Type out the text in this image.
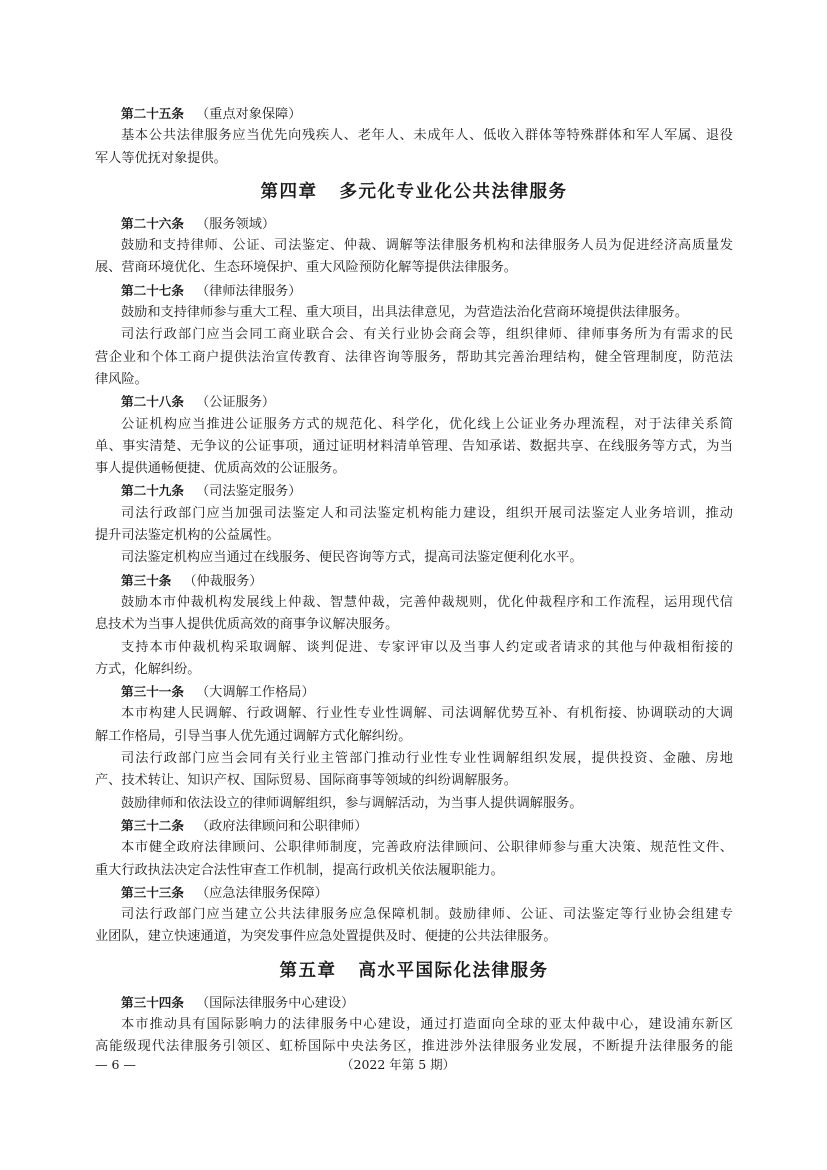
第二十五条 （重点对象保障）
基本公共法律服务应当优先向残疾人、老年人、未成年人、低收入群体等特殊群体和军人军属、退役
军人等优抚对象提供。
第四章 多元化专业化公共法律服务
第二十六条 （服务领域）
鼓励和支持律师、公证、司法鉴定、仲裁、调解等法律服务机构和法律服务人员为促进经济高质量发
展、营商环境优化、生态环境保护、重大风险预防化解等提供法律服务。
第二十七条 （律师法律服务）
鼓励和支持律师参与重大工程、重大项目，出具法律意见，为营造法治化营商环境提供法律服务。
司法行政部门应当会同工商业联合会、有关行业协会商会等，组织律师、律师事务所为有需求的民
营企业和个体工商户提供法治宣传教育、法律咨询等服务，帮助其完善治理结构，健全管理制度，防范法
律风险。
第二十八条 （公证服务）
公证机构应当推进公证服务方式的规范化、科学化，优化线上公证业务办理流程，对于法律关系简
单、事实清楚、无争议的公证事项，通过证明材料清单管理、告知承诺、数据共享、在线服务等方式，为当
事人提供通畅便捷、优质高效的公证服务。
第二十九条 （司法鉴定服务）
司法行政部门应当加强司法鉴定人和司法鉴定机构能力建设，组织开展司法鉴定人业务培训，推动
提升司法鉴定机构的公益属性。
司法鉴定机构应当通过在线服务、便民咨询等方式，提高司法鉴定便利化水平。
第三十条 （仲裁服务）
鼓励本市仲裁机构发展线上仲裁、智慧仲裁，完善仲裁规则，优化仲裁程序和工作流程，运用现代信
息技术为当事人提供优质高效的商事争议解决服务。
支持本市仲裁机构采取调解、谈判促进、专家评审以及当事人约定或者请求的其他与仲裁相衔接的
方式，化解纠纷。
第三十一条 （大调解工作格局）
本市构建人民调解、行政调解、行业性专业性调解、司法调解优势互补、有机衔接、协调联动的大调
解工作格局，引导当事人优先通过调解方式化解纠纷。
司法行政部门应当会同有关行业主管部门推动行业性专业性调解组织发展，提供投资、金融、房地
产、技术转让、知识产权、国际贸易、国际商事等领域的纠纷调解服务。
鼓励律师和依法设立的律师调解组织，参与调解活动，为当事人提供调解服务。
第三十二条 （政府法律顾问和公职律师）
本市健全政府法律顾问、公职律师制度，完善政府法律顾问、公职律师参与重大决策、规范性文件、
重大行政执法决定合法性审查工作机制，提高行政机关依法履职能力。
第三十三条 （应急法律服务保障）
司法行政部门应当建立公共法律服务应急保障机制。鼓励律师、公证、司法鉴定等行业协会组建专
业团队，建立快速通道，为突发事件应急处置提供及时、便捷的公共法律服务。
第五章 高水平国际化法律服务
第三十四条 （国际法律服务中心建设）
本市推动具有国际影响力的法律服务中心建设，通过打造面向全球的亚太仲裁中心，建设浦东新区
高能级现代法律服务引领区、虹桥国际中央法务区，推进涉外法律服务业发展，不断提升法律服务的能
— 6 —	（2022 年第 5 期）
